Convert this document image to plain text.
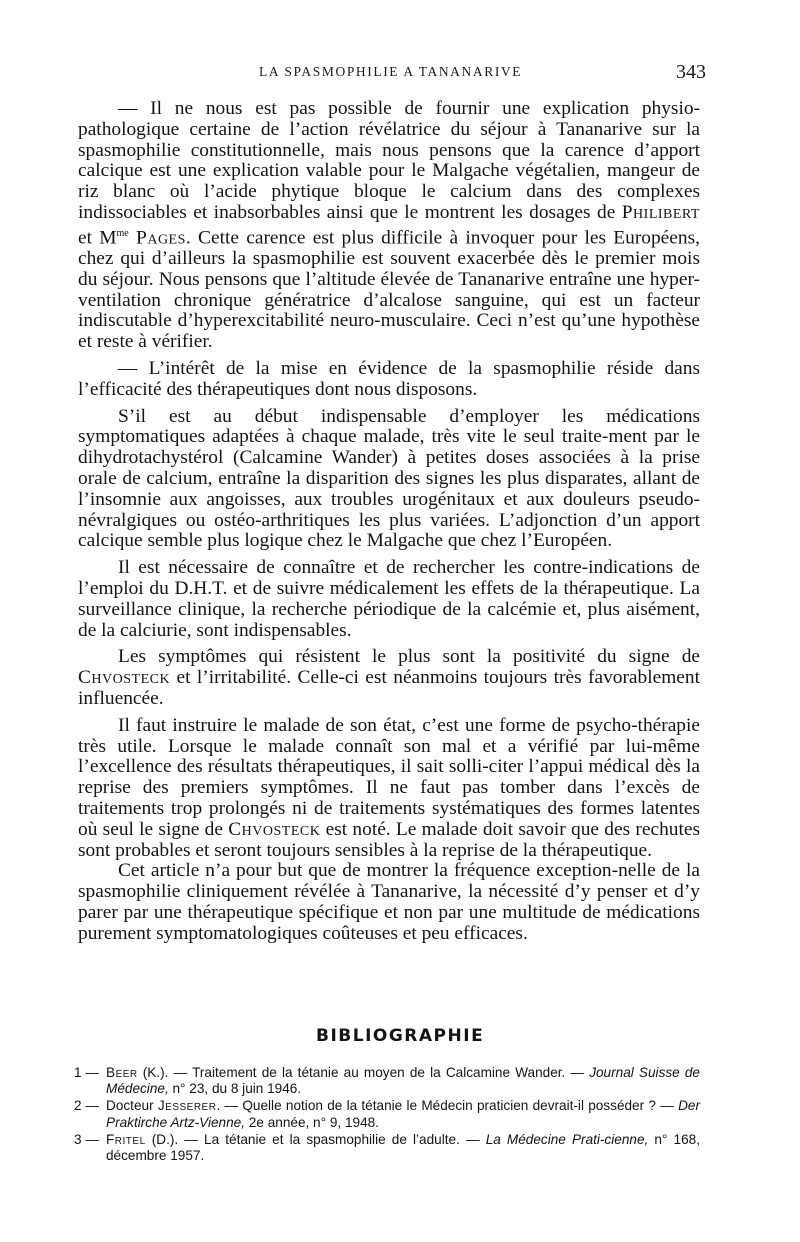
LA SPASMOPHILIE A TANANARIVE	343

— Il ne nous est pas possible de fournir une explication physio-pathologique certaine de l’action révélatrice du séjour à Tananarive sur la spasmophilie constitutionnelle, mais nous pensons que la carence d’apport calcique est une explication valable pour le Malgache végétalien, mangeur de riz blanc où l’acide phytique bloque le calcium dans des complexes indissociables et inabsorbables ainsi que le montrent les dosages de Philibert et $M^{me}$ Pages. Cette carence est plus difficile à invoquer pour les Européens, chez qui d’ailleurs la spasmophilie est souvent exacerbée dès le premier mois du séjour. Nous pensons que l’altitude élevée de Tananarive entraîne une hyper-ventilation chronique génératrice d’alcalose sanguine, qui est un facteur indiscutable d’hyperexcitabilité neuro-musculaire. Ceci n’est qu’une hypothèse et reste à vérifier.

— L’intérêt de la mise en évidence de la spasmophilie réside dans l’efficacité des thérapeutiques dont nous disposons.

S’il est au début indispensable d’employer les médications symptomatiques adaptées à chaque malade, très vite le seul traite-ment par le dihydrotachystérol (Calcamine Wander) à petites doses associées à la prise orale de calcium, entraîne la disparition des signes les plus disparates, allant de l’insomnie aux angoisses, aux troubles urogénitaux et aux douleurs pseudo-névralgiques ou ostéo-arthritiques les plus variées. L’adjonction d’un apport calcique semble plus logique chez le Malgache que chez l’Européen.

Il est nécessaire de connaître et de rechercher les contre-indications de l’emploi du D.H.T. et de suivre médicalement les effets de la thérapeutique. La surveillance clinique, la recherche périodique de la calcémie et, plus aisément, de la calciurie, sont indispensables.

Les symptômes qui résistent le plus sont la positivité du signe de Chvosteck et l’irritabilité. Celle-ci est néanmoins toujours très favorablement influencée.

Il faut instruire le malade de son état, c’est une forme de psycho-thérapie très utile. Lorsque le malade connaît son mal et a vérifié par lui-même l’excellence des résultats thérapeutiques, il sait solli-citer l’appui médical dès la reprise des premiers symptômes. Il ne faut pas tomber dans l’excès de traitements trop prolongés ni de traitements systématiques des formes latentes où seul le signe de Chvosteck est noté. Le malade doit savoir que des rechutes sont probables et seront toujours sensibles à la reprise de la thérapeutique.

Cet article n’a pour but que de montrer la fréquence exception-nelle de la spasmophilie cliniquement révélée à Tananarive, la nécessité d’y penser et d’y parer par une thérapeutique spécifique et non par une multitude de médications purement symptomatologiques coûteuses et peu efficaces.

BIBLIOGRAPHIE
1 — Beer (K.). — Traitement de la tétanie au moyen de la Calcamine Wander. — Journal Suisse de Médecine, n° 23, du 8 juin 1946.
2 — Docteur Jesserer. — Quelle notion de la tétanie le Médecin praticien devrait-il posséder ? — Der Praktirche Artz-Vienne, 2e année, n° 9, 1948.
3 — Fritel (D.). — La tétanie et la spasmophilie de l’adulte. — La Médecine Prati-cienne, n° 168, décembre 1957.
